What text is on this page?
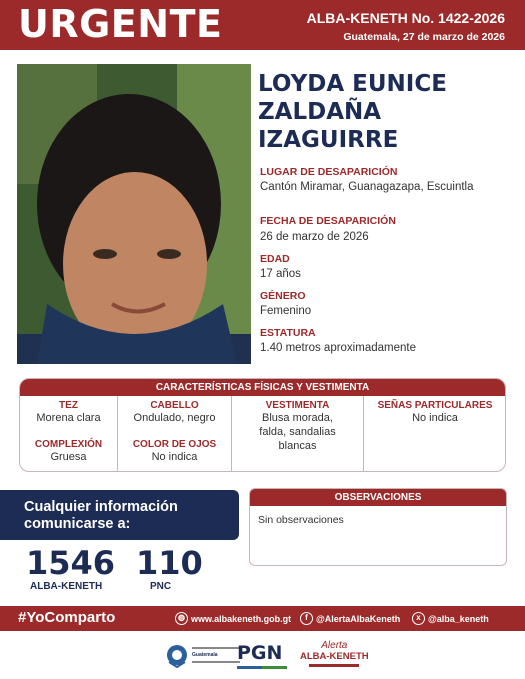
URGENTE	ALBA-KENETH No. 1422-2026
Guatemala, 27 de marzo de 2026
LOYDA EUNICE
ZALDAÑA
IZAGUIRRE
LUGAR DE DESAPARICIÓN
Cantón Miramar, Guanagazapa, Escuintla
FECHA DE DESAPARICIÓN
26 de marzo de 2026
EDAD
17 años
GÉNERO
Femenino
ESTATURA
1.40 metros aproximadamente
CARACTERÍSTICAS FÍSICAS Y VESTIMENTA
TEZ
Morena clara
COMPLEXIÓN
Gruesa
CABELLO
Ondulado, negro
COLOR DE OJOS
No indica
VESTIMENTA
Blusa morada,
falda, sandalias
blancas
SEÑAS PARTICULARES
No indica
Cualquier información
comunicarse a:
1546
ALBA-KENETH
110
PNC
OBSERVACIONES
Sin observaciones
#YoComparto	◍ www.albakeneth.gob.gt	f @AlertaAlbaKeneth	x @alba_keneth
Guatemala	PGN	Alerta
ALBA-KENETH
